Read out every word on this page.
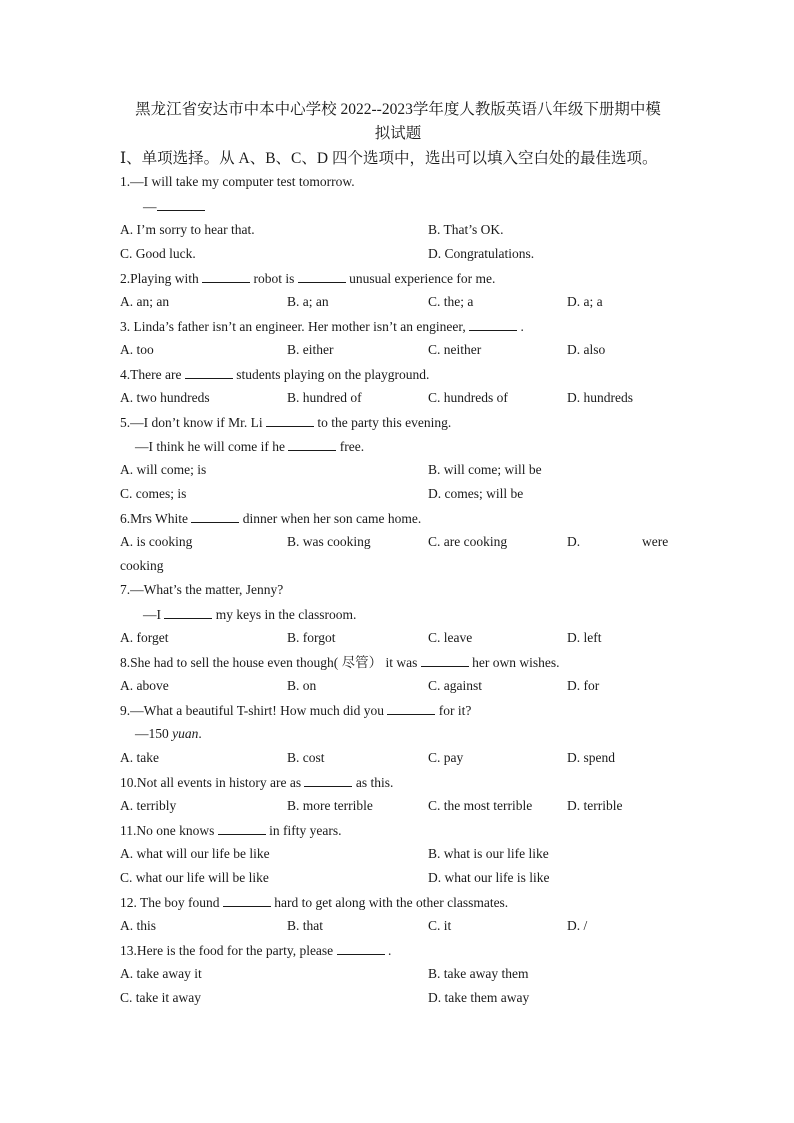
黑龙江省安达市中本中心学校 2022--2023学年度人教版英语八年级下册期中模
拟试题
Ⅰ、单项选择。从 A、B、C、D 四个选项中，选出可以填入空白处的最佳选项。
1.—I will take my computer test tomorrow.
—
A. I’m sorry to hear that.	B. That’s OK.
C. Good luck.	D. Congratulations.
2.Playing with	robot is	unusual experience for me.
A. an; an	B. a; an	C. the; a	D. a; a
3. Linda’s father isn’t an engineer. Her mother isn’t an engineer,	.
A. too	B. either	C. neither	D. also
4.There are	students playing on the playground.
A. two hundreds	B. hundred of	C. hundreds of	D. hundreds
5.—I don’t know if Mr. Li	to the party this evening.
—I think he will come if he	free.
A. will come; is	B. will come; will be
C. comes; is	D. comes; will be
6.Mrs White	dinner when her son came home.
A. is cooking	B. was cooking	C. are cooking	D.	were
cooking
7.—What’s the matter, Jenny?
—I	my keys in the classroom.
A. forget	B. forgot	C. leave	D. left
8.She had to sell the house even though( 尽管） it was	her own wishes.
A. above	B. on	C. against	D. for
9.—What a beautiful T-shirt! How much did you	for it?
—150 yuan.
A. take	B. cost	C. pay	D. spend
10.Not all events in history are as	as this.
A. terribly	B. more terrible	C. the most terrible	D. terrible
11.No one knows	in fifty years.
A. what will our life be like	B. what is our life like
C. what our life will be like	D. what our life is like
12. The boy found	hard to get along with the other classmates.
A. this	B. that	C. it	D. /
13.Here is the food for the party, please	.
A. take away it	B. take away them
C. take it away	D. take them away
